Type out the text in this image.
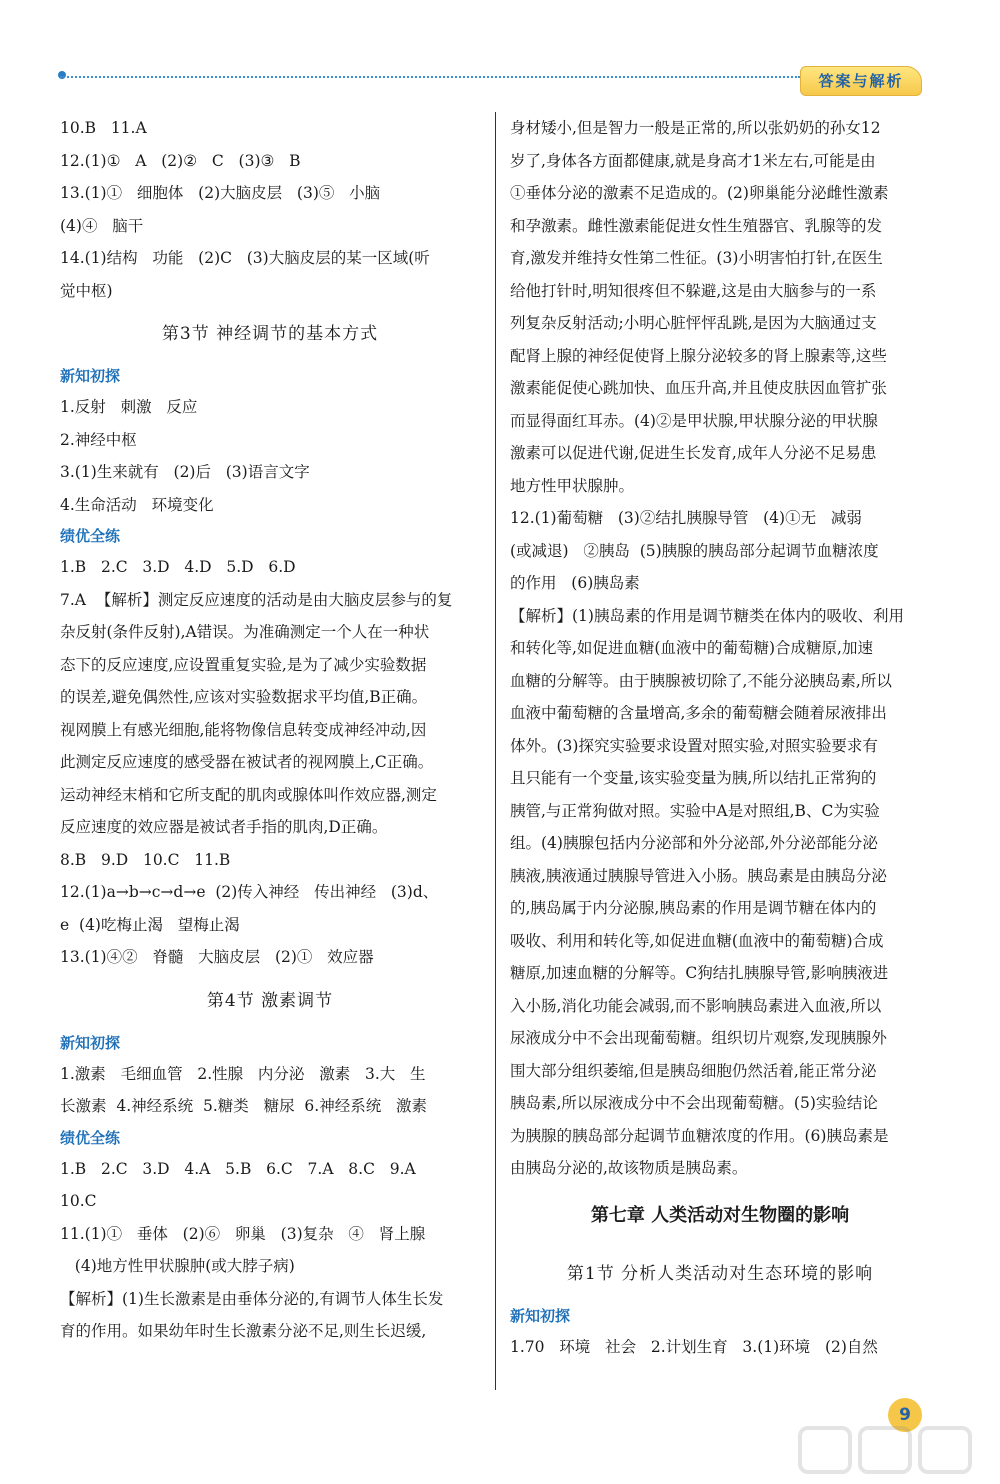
答案与解析
10.B   11.A
12.(1)①   A   (2)②   C   (3)③   B
13.(1)①   细胞体   (2)大脑皮层   (3)⑤   小脑
(4)④   脑干
14.(1)结构   功能   (2)C   (3)大脑皮层的某一区域(听
觉中枢)
第3节 神经调节的基本方式
新知初探
1.反射   刺激   反应
2.神经中枢
3.(1)生来就有   (2)后   (3)语言文字
4.生命活动   环境变化
绩优全练
1.B   2.C   3.D   4.D   5.D   6.D
7.A  【解析】测定反应速度的活动是由大脑皮层参与的复
杂反射(条件反射),A错误。为准确测定一个人在一种状
态下的反应速度,应设置重复实验,是为了减少实验数据
的误差,避免偶然性,应该对实验数据求平均值,B正确。
视网膜上有感光细胞,能将物像信息转变成神经冲动,因
此测定反应速度的感受器在被试者的视网膜上,C正确。
运动神经末梢和它所支配的肌肉或腺体叫作效应器,测定
反应速度的效应器是被试者手指的肌肉,D正确。
8.B   9.D   10.C   11.B
12.(1)a→b→c→d→e  (2)传入神经   传出神经   (3)d、
e  (4)吃梅止渴   望梅止渴
13.(1)④②   脊髓   大脑皮层   (2)①   效应器
第4节 激素调节
新知初探
1.激素   毛细血管   2.性腺   内分泌   激素   3.大   生
长激素  4.神经系统  5.糖类   糖尿  6.神经系统   激素
绩优全练
1.B   2.C   3.D   4.A   5.B   6.C   7.A   8.C   9.A
10.C
11.(1)①   垂体   (2)⑥   卵巢   (3)复杂   ④   肾上腺
(4)地方性甲状腺肿(或大脖子病)
【解析】(1)生长激素是由垂体分泌的,有调节人体生长发
育的作用。如果幼年时生长激素分泌不足,则生长迟缓,
身材矮小,但是智力一般是正常的,所以张奶奶的孙女12
岁了,身体各方面都健康,就是身高才1米左右,可能是由
①垂体分泌的激素不足造成的。(2)卵巢能分泌雌性激素
和孕激素。雌性激素能促进女性生殖器官、乳腺等的发
育,激发并维持女性第二性征。(3)小明害怕打针,在医生
给他打针时,明知很疼但不躲避,这是由大脑参与的一系
列复杂反射活动;小明心脏怦怦乱跳,是因为大脑通过支
配肾上腺的神经促使肾上腺分泌较多的肾上腺素等,这些
激素能促使心跳加快、血压升高,并且使皮肤因血管扩张
而显得面红耳赤。(4)②是甲状腺,甲状腺分泌的甲状腺
激素可以促进代谢,促进生长发育,成年人分泌不足易患
地方性甲状腺肿。
12.(1)葡萄糖   (3)②结扎胰腺导管   (4)①无   减弱
(或减退)   ②胰岛  (5)胰腺的胰岛部分起调节血糖浓度
的作用   (6)胰岛素
【解析】(1)胰岛素的作用是调节糖类在体内的吸收、利用
和转化等,如促进血糖(血液中的葡萄糖)合成糖原,加速
血糖的分解等。由于胰腺被切除了,不能分泌胰岛素,所以
血液中葡萄糖的含量增高,多余的葡萄糖会随着尿液排出
体外。(3)探究实验要求设置对照实验,对照实验要求有
且只能有一个变量,该实验变量为胰,所以结扎正常狗的
胰管,与正常狗做对照。实验中A是对照组,B、C为实验
组。(4)胰腺包括内分泌部和外分泌部,外分泌部能分泌
胰液,胰液通过胰腺导管进入小肠。胰岛素是由胰岛分泌
的,胰岛属于内分泌腺,胰岛素的作用是调节糖在体内的
吸收、利用和转化等,如促进血糖(血液中的葡萄糖)合成
糖原,加速血糖的分解等。C狗结扎胰腺导管,影响胰液进
入小肠,消化功能会减弱,而不影响胰岛素进入血液,所以
尿液成分中不会出现葡萄糖。组织切片观察,发现胰腺外
围大部分组织萎缩,但是胰岛细胞仍然活着,能正常分泌
胰岛素,所以尿液成分中不会出现葡萄糖。(5)实验结论
为胰腺的胰岛部分起调节血糖浓度的作用。(6)胰岛素是
由胰岛分泌的,故该物质是胰岛素。
第七章 人类活动对生物圈的影响
第1节 分析人类活动对生态环境的影响
新知初探
1.70   环境   社会   2.计划生育   3.(1)环境   (2)自然
9
